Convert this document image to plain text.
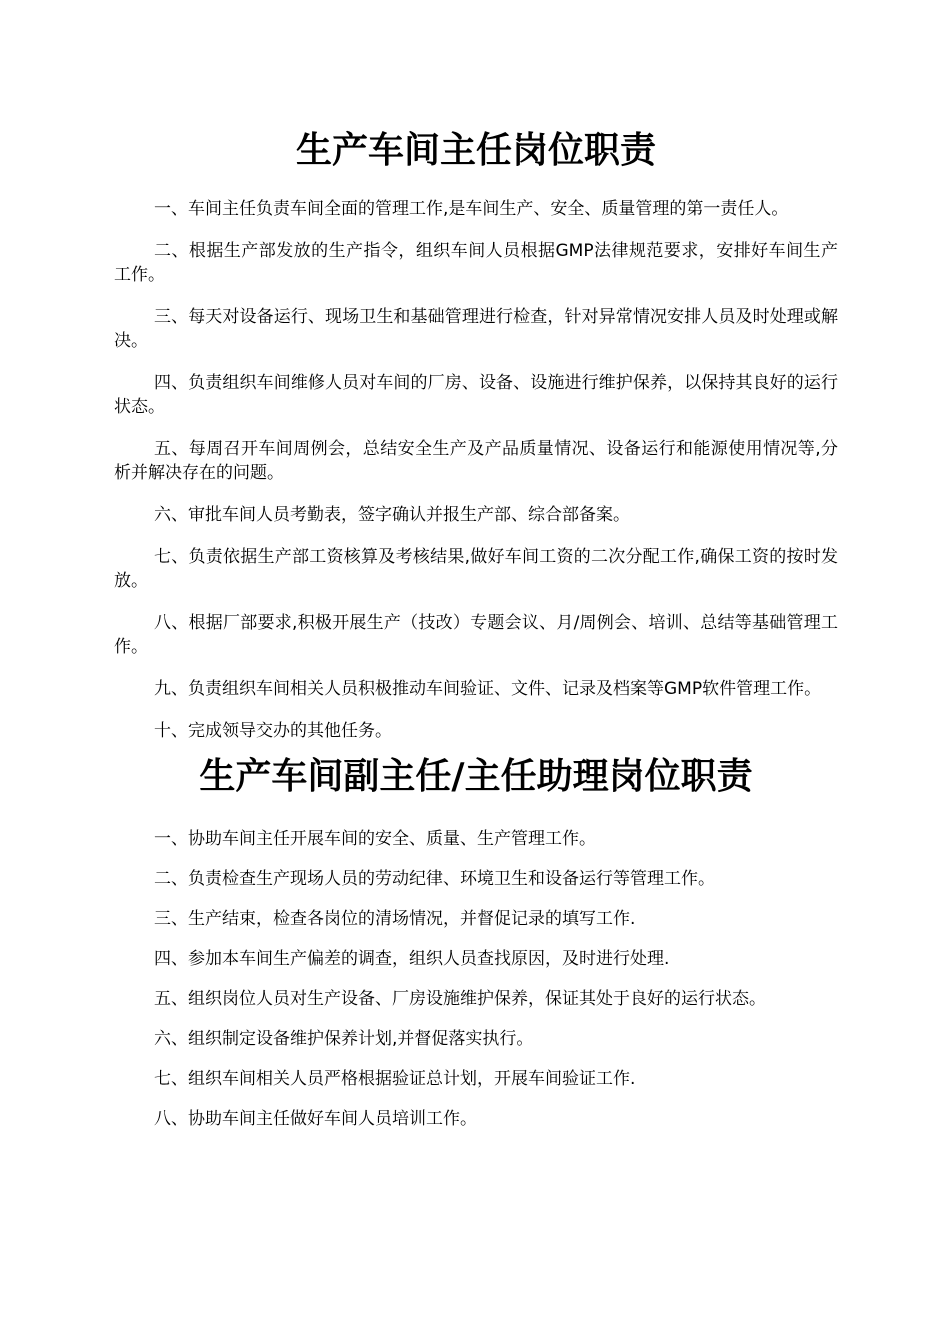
生产车间主任岗位职责

一、车间主任负责车间全面的管理工作,是车间生产、安全、质量管理的第一责任人。

二、根据生产部发放的生产指令，组织车间人员根据GMP法律规范要求，安排好车间生产工作。

三、每天对设备运行、现场卫生和基础管理进行检查，针对异常情况安排人员及时处理或解决。

四、负责组织车间维修人员对车间的厂房、设备、设施进行维护保养，以保持其良好的运行状态。

五、每周召开车间周例会，总结安全生产及产品质量情况、设备运行和能源使用情况等,分析并解决存在的问题。

六、审批车间人员考勤表，签字确认并报生产部、综合部备案。

七、负责依据生产部工资核算及考核结果,做好车间工资的二次分配工作,确保工资的按时发放。

八、根据厂部要求,积极开展生产（技改）专题会议、月/周例会、培训、总结等基础管理工作。

九、负责组织车间相关人员积极推动车间验证、文件、记录及档案等GMP软件管理工作。

十、完成领导交办的其他任务。

生产车间副主任/主任助理岗位职责

一、协助车间主任开展车间的安全、质量、生产管理工作。

二、负责检查生产现场人员的劳动纪律、环境卫生和设备运行等管理工作。

三、生产结束，检查各岗位的清场情况，并督促记录的填写工作.

四、参加本车间生产偏差的调查，组织人员查找原因，及时进行处理.

五、组织岗位人员对生产设备、厂房设施维护保养，保证其处于良好的运行状态。

六、组织制定设备维护保养计划,并督促落实执行。

七、组织车间相关人员严格根据验证总计划，开展车间验证工作.

八、协助车间主任做好车间人员培训工作。
